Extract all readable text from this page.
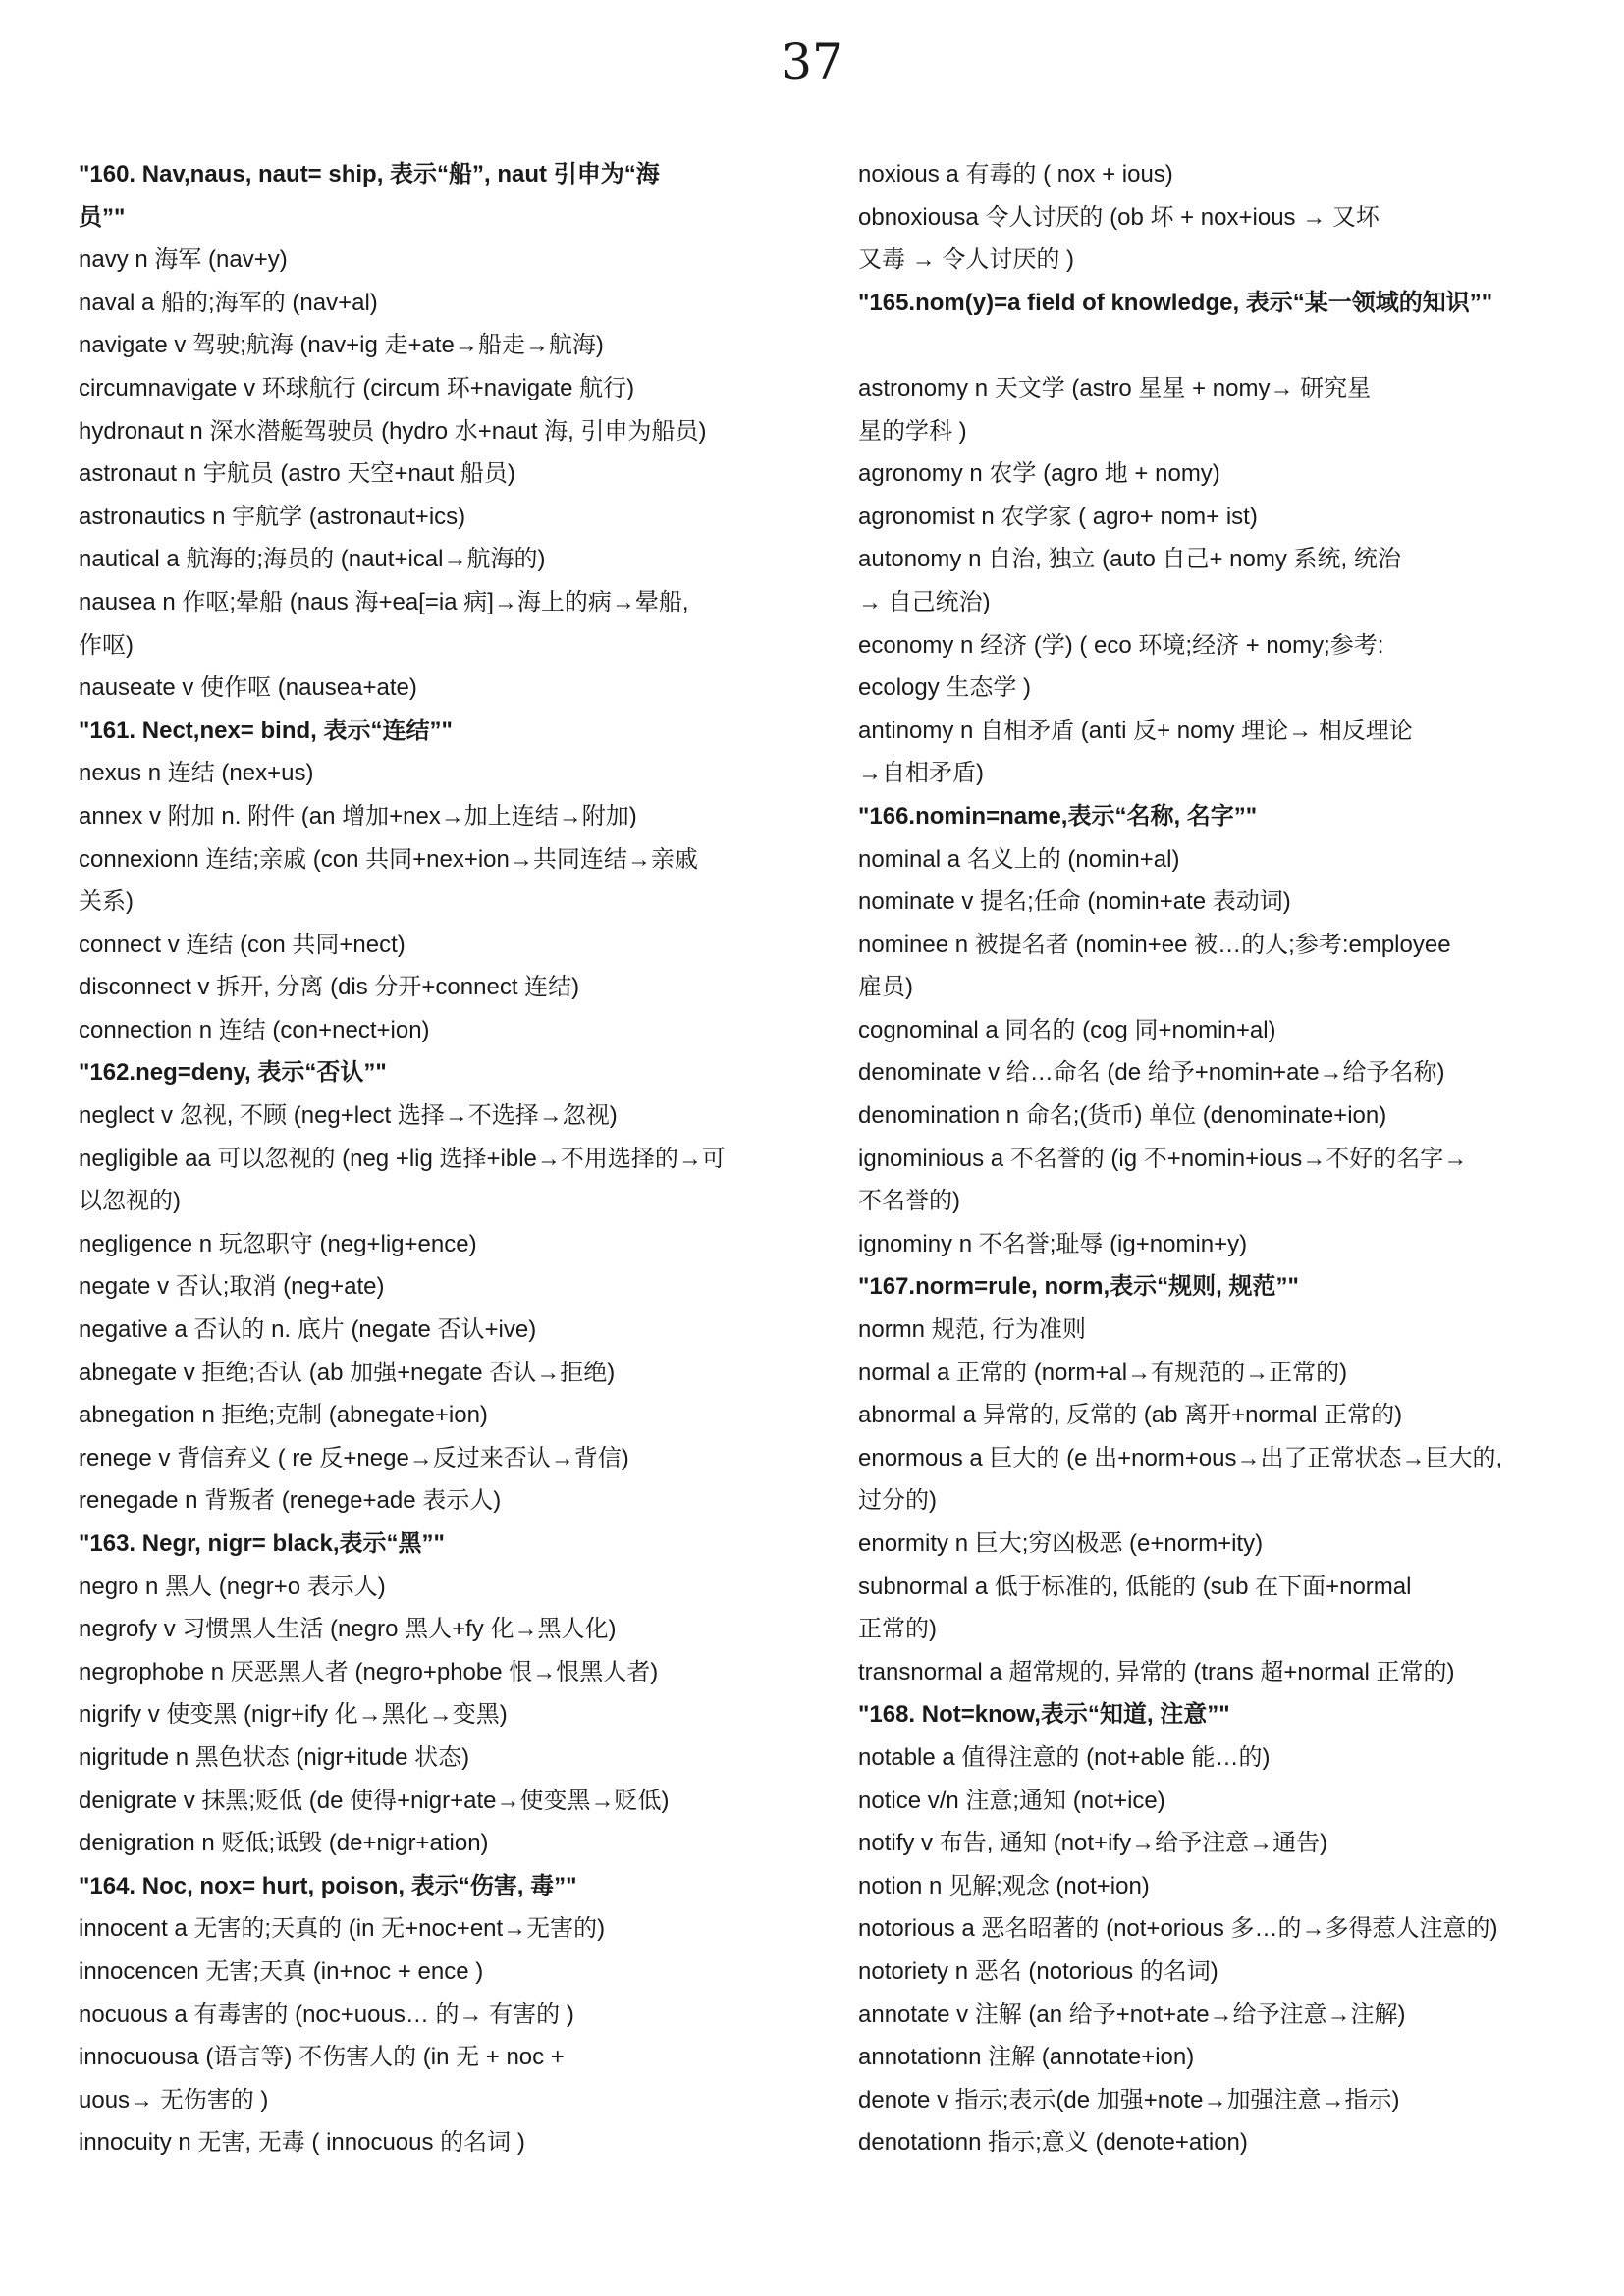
37
"160. Nav,naus, naut= ship, 表示“船”, naut 引申为“海
员”"
navy n 海军 (nav+y)
naval a 船的;海军的 (nav+al)
navigate v 驾驶;航海 (nav+ig 走+ate→船走→航海)
circumnavigate v 环球航行 (circum 环+navigate 航行)
hydronaut n 深水潜艇驾驶员 (hydro 水+naut 海, 引申为船员)
astronaut n 宇航员 (astro 天空+naut 船员)
astronautics n 宇航学 (astronaut+ics)
nautical a 航海的;海员的 (naut+ical→航海的)
nausea n 作呕;晕船 (naus 海+ea[=ia 病]→海上的病→晕船,
作呕)
nauseate v 使作呕 (nausea+ate)
"161. Nect,nex= bind, 表示“连结”"
nexus n 连结 (nex+us)
annex v 附加 n. 附件 (an 增加+nex→加上连结→附加)
connexionn 连结;亲戚 (con 共同+nex+ion→共同连结→亲戚
关系)
connect v 连结 (con 共同+nect)
disconnect v 拆开, 分离 (dis 分开+connect 连结)
connection n 连结 (con+nect+ion)
"162.neg=deny, 表示“否认”"
neglect v 忽视, 不顾 (neg+lect 选择→不选择→忽视)
negligible aa 可以忽视的 (neg +lig 选择+ible→不用选择的→可
以忽视的)
negligence n 玩忽职守 (neg+lig+ence)
negate v 否认;取消 (neg+ate)
negative a 否认的 n. 底片 (negate 否认+ive)
abnegate v 拒绝;否认 (ab 加强+negate 否认→拒绝)
abnegation n 拒绝;克制 (abnegate+ion)
renege v 背信弃义 ( re 反+nege→反过来否认→背信)
renegade n 背叛者 (renege+ade 表示人)
"163. Negr, nigr= black,表示“黑”"
negro n 黑人 (negr+o 表示人)
negrofy v 习惯黑人生活 (negro 黑人+fy 化→黑人化)
negrophobe n 厌恶黑人者 (negro+phobe 恨→恨黑人者)
nigrify v 使变黑 (nigr+ify 化→黑化→变黑)
nigritude n 黑色状态 (nigr+itude 状态)
denigrate v 抹黑;贬低 (de 使得+nigr+ate→使变黑→贬低)
denigration n 贬低;诋毁 (de+nigr+ation)
"164. Noc, nox= hurt, poison, 表示“伤害, 毒”"
innocent a 无害的;天真的 (in 无+noc+ent→无害的)
innocencen 无害;天真 (in+noc + ence )
nocuous a 有毒害的 (noc+uous… 的→ 有害的 )
innocuousa (语言等) 不伤害人的 (in 无 + noc +
uous→ 无伤害的 )
innocuity n 无害, 无毒 ( innocuous 的名词 )
noxious a 有毒的 ( nox + ious)
obnoxiousa 令人讨厌的 (ob 坏 + nox+ious → 又坏
又毒 → 令人讨厌的 )
"165.nom(y)=a field of knowledge, 表示“某一领域的知识”"
astronomy n 天文学 (astro 星星 + nomy→ 研究星
星的学科 )
agronomy n 农学 (agro 地 + nomy)
agronomist n 农学家 ( agro+ nom+ ist)
autonomy n 自治, 独立 (auto 自己+ nomy 系统, 统治
→ 自己统治)
economy n 经济 (学) ( eco 环境;经济 + nomy;参考:
ecology 生态学 )
antinomy n 自相矛盾 (anti 反+ nomy 理论→ 相反理论
→自相矛盾)
"166.nomin=name,表示“名称, 名字”"
nominal a 名义上的 (nomin+al)
nominate v 提名;任命 (nomin+ate 表动词)
nominee n 被提名者 (nomin+ee 被…的人;参考:employee
雇员)
cognominal a 同名的 (cog 同+nomin+al)
denominate v 给…命名 (de 给予+nomin+ate→给予名称)
denomination n 命名;(货币) 单位 (denominate+ion)
ignominious a 不名誉的 (ig 不+nomin+ious→不好的名字→
不名誉的)
ignominy n 不名誉;耻辱 (ig+nomin+y)
"167.norm=rule, norm,表示“规则, 规范”"
normn 规范, 行为准则
normal a 正常的 (norm+al→有规范的→正常的)
abnormal a 异常的, 反常的 (ab 离开+normal 正常的)
enormous a 巨大的 (e 出+norm+ous→出了正常状态→巨大的,
过分的)
enormity n 巨大;穷凶极恶 (e+norm+ity)
subnormal a 低于标准的, 低能的 (sub 在下面+normal
正常的)
transnormal a 超常规的, 异常的 (trans 超+normal 正常的)
"168. Not=know,表示“知道, 注意”"
notable a 值得注意的 (not+able 能…的)
notice v/n 注意;通知 (not+ice)
notify v 布告, 通知 (not+ify→给予注意→通告)
notion n 见解;观念 (not+ion)
notorious a 恶名昭著的 (not+orious 多…的→多得惹人注意的)
notoriety n 恶名 (notorious 的名词)
annotate v 注解 (an 给予+not+ate→给予注意→注解)
annotationn 注解 (annotate+ion)
denote v 指示;表示(de 加强+note→加强注意→指示)
denotationn 指示;意义 (denote+ation)
